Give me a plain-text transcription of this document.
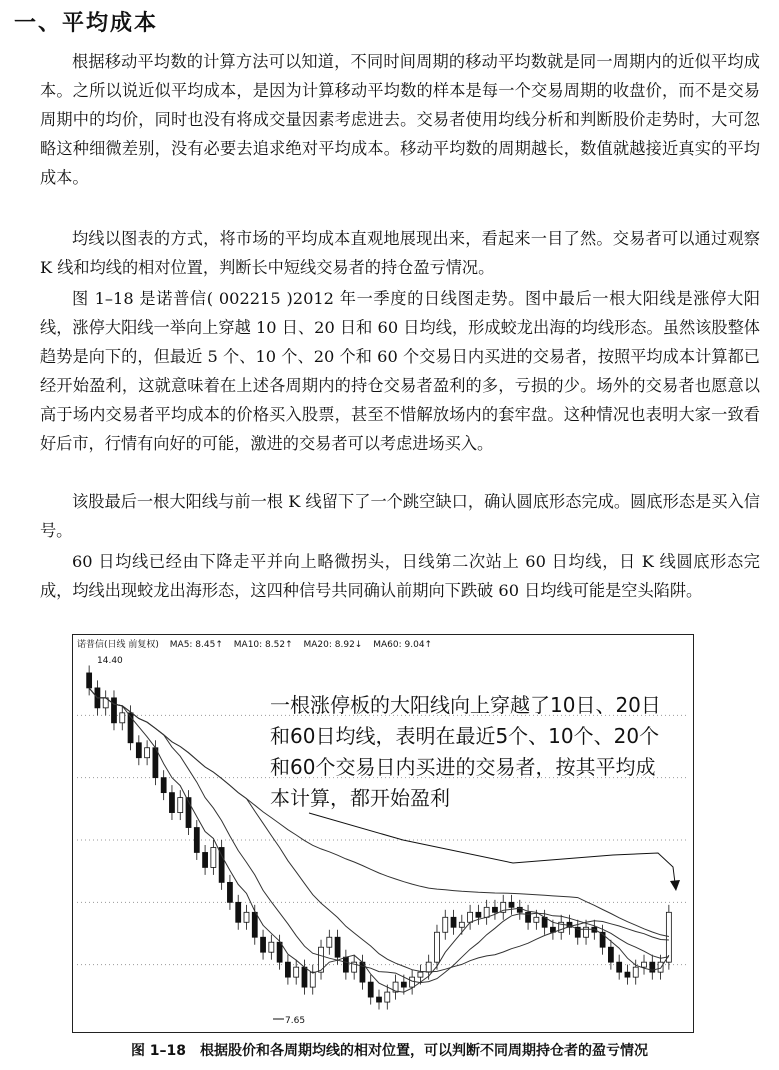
一、平均成本

根据移动平均数的计算方法可以知道，不同时间周期的移动平均数就是同一周期内的近似平均成本。之所以说近似平均成本，是因为计算移动平均数的样本是每一个交易周期的收盘价，而不是交易周期中的均价，同时也没有将成交量因素考虑进去。交易者使用均线分析和判断股价走势时，大可忽略这种细微差别，没有必要去追求绝对平均成本。移动平均数的周期越长，数值就越接近真实的平均成本。

均线以图表的方式，将市场的平均成本直观地展现出来，看起来一目了然。交易者可以通过观察 K 线和均线的相对位置，判断长中短线交易者的持仓盈亏情况。

图 1–18 是诺普信( 002215 )2012 年一季度的日线图走势。图中最后一根大阳线是涨停大阳线，涨停大阳线一举向上穿越 10 日、20 日和 60 日均线，形成蛟龙出海的均线形态。虽然该股整体趋势是向下的，但最近 5 个、10 个、20 个和 60 个交易日内买进的交易者，按照平均成本计算都已经开始盈利，这就意味着在上述各周期内的持仓交易者盈利的多，亏损的少。场外的交易者也愿意以高于场内交易者平均成本的价格买入股票，甚至不惜解放场内的套牢盘。这种情况也表明大家一致看好后市，行情有向好的可能，激进的交易者可以考虑进场买入。

该股最后一根大阳线与前一根 K 线留下了一个跳空缺口，确认圆底形态完成。圆底形态是买入信号。

60 日均线已经由下降走平并向上略微拐头，日线第二次站上 60 日均线，日 K 线圆底形态完成，均线出现蛟龙出海形态，这四种信号共同确认前期向下跌破 60 日均线可能是空头陷阱。

诺普信(日线 前复权) MA5: 8.45↑ MA10: 8.52↑ MA20: 8.92↓ MA60: 9.04↑
14.40
7.65
一根涨停板的大阳线向上穿越了10日、20日和60日均线，表明在最近5个、10个、20个和60个交易日内买进的交易者，按其平均成本计算，都开始盈利
图 1–18 根据股价和各周期均线的相对位置，可以判断不同周期持仓者的盈亏情况
